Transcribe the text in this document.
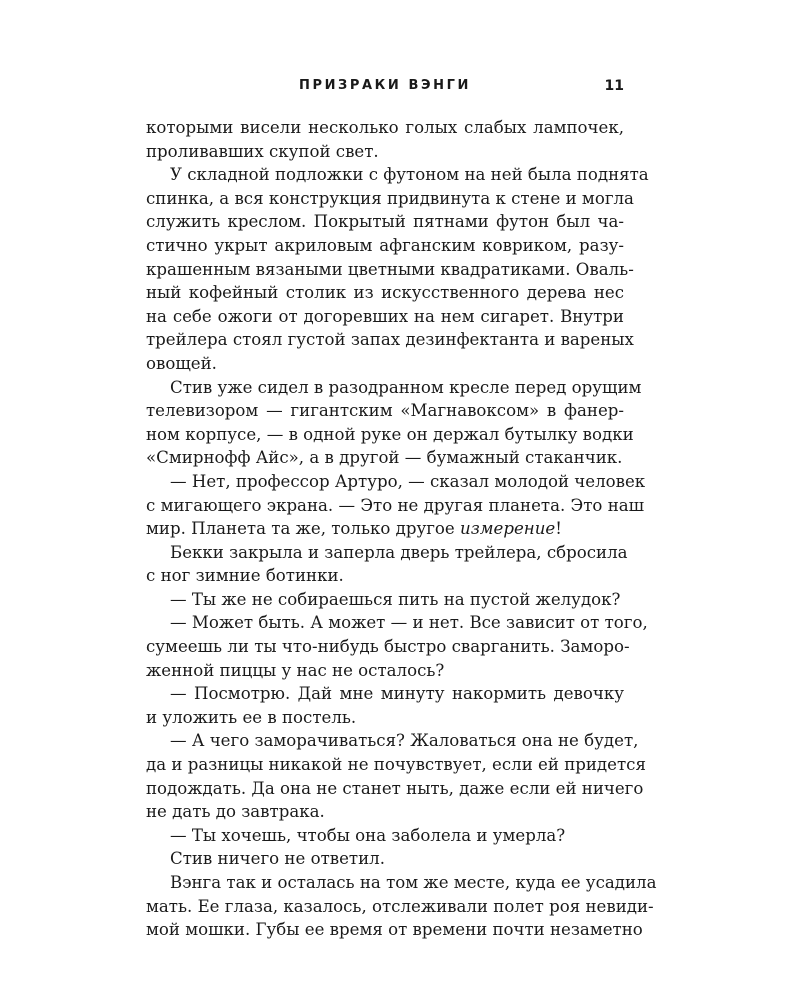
ПРИЗРАКИ ВЭНГИ	11
которыми висели несколько голых слабых лампочек,
проливавших скупой свет.
У складной подложки с футоном на ней была поднята
спинка, а вся конструкция придвинута к стене и могла
служить креслом. Покрытый пятнами футон был ча-
стично укрыт акриловым афганским ковриком, разу-
крашенным вязаными цветными квадратиками. Оваль-
ный кофейный столик из искусственного дерева нес
на себе ожоги от догоревших на нем сигарет. Внутри
трейлера стоял густой запах дезинфектанта и вареных
овощей.
Стив уже сидел в разодранном кресле перед орущим
телевизором — гигантским «Магнавоксом» в фанер-
ном корпусе, — в одной руке он держал бутылку водки
«Смирнофф Айс», а в другой — бумажный стаканчик.
— Нет, профессор Артуро, — сказал молодой человек
с мигающего экрана. — Это не другая планета. Это наш
мир. Планета та же, только другое измерение!
Бекки закрыла и заперла дверь трейлера, сбросила
с ног зимние ботинки.
— Ты же не собираешься пить на пустой желудок?
— Может быть. А может — и нет. Все зависит от того,
сумеешь ли ты что-нибудь быстро сварганить. Заморо-
женной пиццы у нас не осталось?
— Посмотрю. Дай мне минуту накормить девочку
и уложить ее в постель.
— А чего заморачиваться? Жаловаться она не будет,
да и разницы никакой не почувствует, если ей придется
подождать. Да она не станет ныть, даже если ей ничего
не дать до завтрака.
— Ты хочешь, чтобы она заболела и умерла?
Стив ничего не ответил.
Вэнга так и осталась на том же месте, куда ее усадила
мать. Ее глаза, казалось, отслеживали полет роя невиди-
мой мошки. Губы ее время от времени почти незаметно
